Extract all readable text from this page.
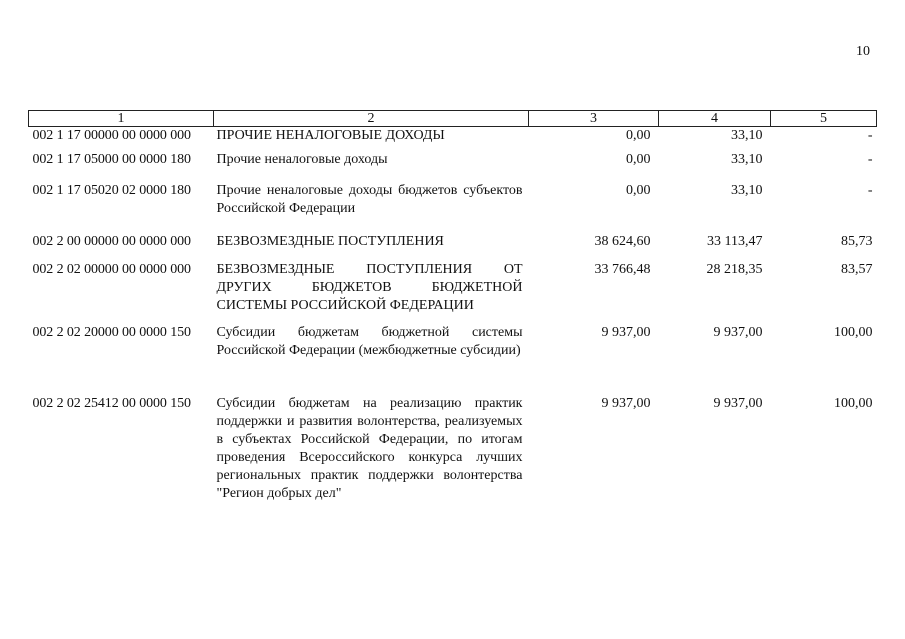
10
1	2	3	4	5
002 1 17 00000 00 0000 000	ПРОЧИЕ НЕНАЛОГОВЫЕ ДОХОДЫ	0,00	33,10	-
002 1 17 05000 00 0000 180	Прочие неналоговые доходы	0,00	33,10	-
002 1 17 05020 02 0000 180	Прочие неналоговые доходы бюджетов субъектов Российской Федерации	0,00	33,10	-
002 2 00 00000 00 0000 000	БЕЗВОЗМЕЗДНЫЕ ПОСТУПЛЕНИЯ	38 624,60	33 113,47	85,73
002 2 02 00000 00 0000 000	БЕЗВОЗМЕЗДНЫЕ ПОСТУПЛЕНИЯ ОТ ДРУГИХ БЮДЖЕТОВ БЮДЖЕТНОЙ СИСТЕМЫ РОССИЙСКОЙ ФЕДЕРАЦИИ	33 766,48	28 218,35	83,57
002 2 02 20000 00 0000 150	Субсидии бюджетам бюджетной системы Российской Федерации (межбюджетные субсидии)	9 937,00	9 937,00	100,00
002 2 02 25412 00 0000 150	Субсидии бюджетам на реализацию практик поддержки и развития волонтерства, реализуемых в субъектах Российской Федерации, по итогам проведения Всероссийского конкурса лучших региональных практик поддержки волонтерства "Регион добрых дел"	9 937,00	9 937,00	100,00
